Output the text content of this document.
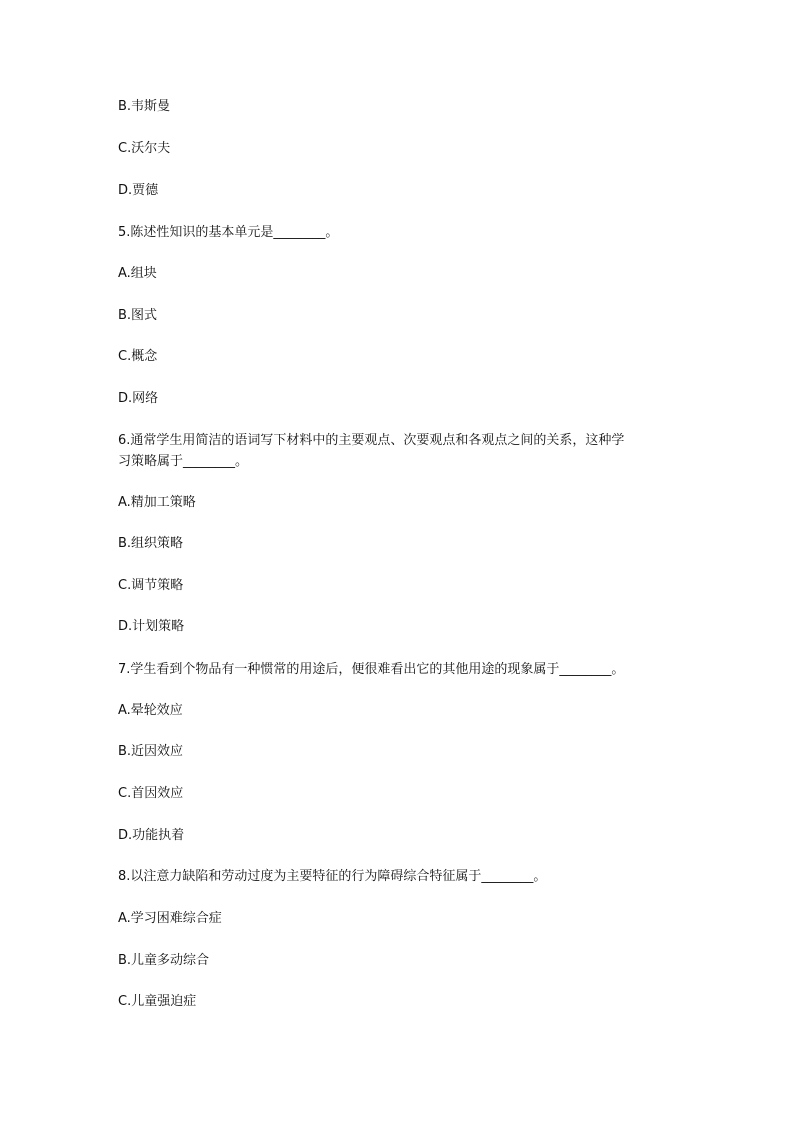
B.韦斯曼

C.沃尔夫

D.贾德

5.陈述性知识的基本单元是________。

A.组块

B.图式

C.概念

D.网络

6.通常学生用简洁的语词写下材料中的主要观点、次要观点和各观点之间的关系，这种学

习策略属于________。

A.精加工策略

B.组织策略

C.调节策略

D.计划策略

7.学生看到个物品有一种惯常的用途后，便很难看出它的其他用途的现象属于________。

A.晕轮效应

B.近因效应

C.首因效应

D.功能执着

8.以注意力缺陷和劳动过度为主要特征的行为障碍综合特征属于________。

A.学习困难综合症

B.儿童多动综合

C.儿童强迫症
